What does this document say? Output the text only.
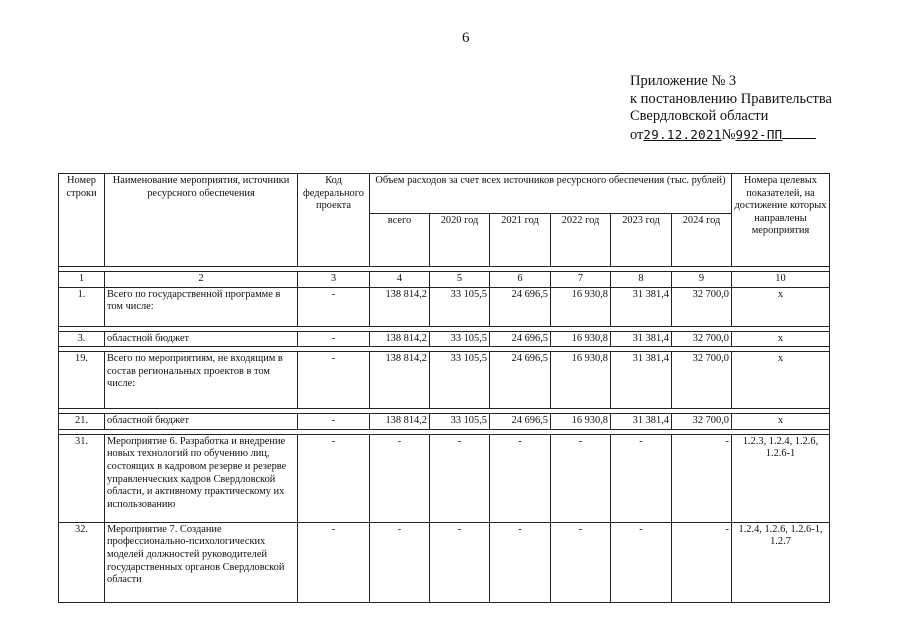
6
Приложение № 3
к постановлению Правительства
Свердловской области
от29.12.2021№992-ПП
Номер строки	Наименование мероприятия, источники ресурсного обеспечения	Код федерального проекта	Объем расходов за счет всех источников ресурсного обеспечения (тыс. рублей)						Номера целевых показателей, на достижение которых направлены мероприятия
			всего	2020 год	2021 год	2022 год	2023 год	2024 год	

1	2	3	4	5	6	7	8	9	10
1.	Всего по государственной программе в том числе:	-	138 814,2	33 105,5	24 696,5	16 930,8	31 381,4	32 700,0	х

3.	областной бюджет	-	138 814,2	33 105,5	24 696,5	16 930,8	31 381,4	32 700,0	х

19.	Всего по мероприятиям, не входящим в состав региональных проектов в том числе:	-	138 814,2	33 105,5	24 696,5	16 930,8	31 381,4	32 700,0	х

21.	областной бюджет	-	138 814,2	33 105,5	24 696,5	16 930,8	31 381,4	32 700,0	х

31.	Мероприятие 6. Разработка и внедрение новых технологий по обучению лиц, состоящих в кадровом резерве и резерве управленческих кадров Свердловской области, и активному практическому их использованию	-	-	-	-	-	-	-	1.2.3, 1.2.4, 1.2.6, 1.2.6-1
32.	Мероприятие 7. Создание профессионально-психологических моделей должностей руководителей государственных органов Свердловской области	-	-	-	-	-	-	-	1.2.4, 1.2.6, 1.2.6-1, 1.2.7
